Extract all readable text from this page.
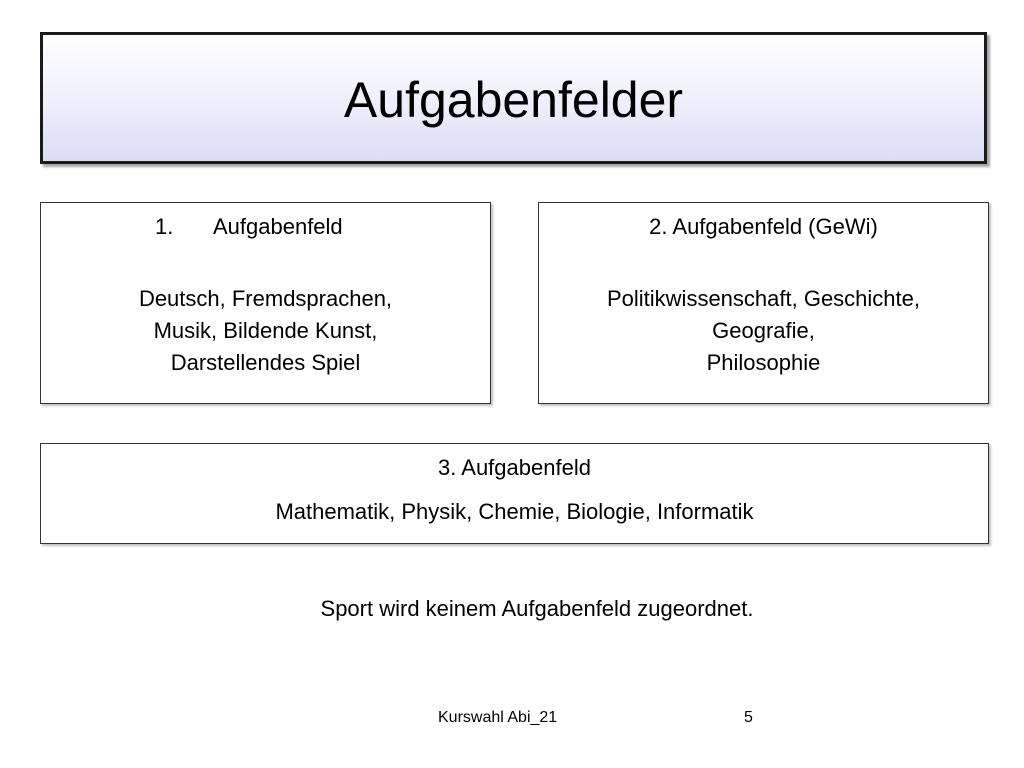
Aufgabenfelder
1. Aufgabenfeld
Deutsch, Fremdsprachen,
Musik, Bildende Kunst,
Darstellendes Spiel
2. Aufgabenfeld (GeWi)
Politikwissenschaft, Geschichte,
Geografie,
Philosophie
3. Aufgabenfeld
Mathematik, Physik, Chemie, Biologie, Informatik
Sport wird keinem Aufgabenfeld zugeordnet.
Kurswahl Abi_21	5
